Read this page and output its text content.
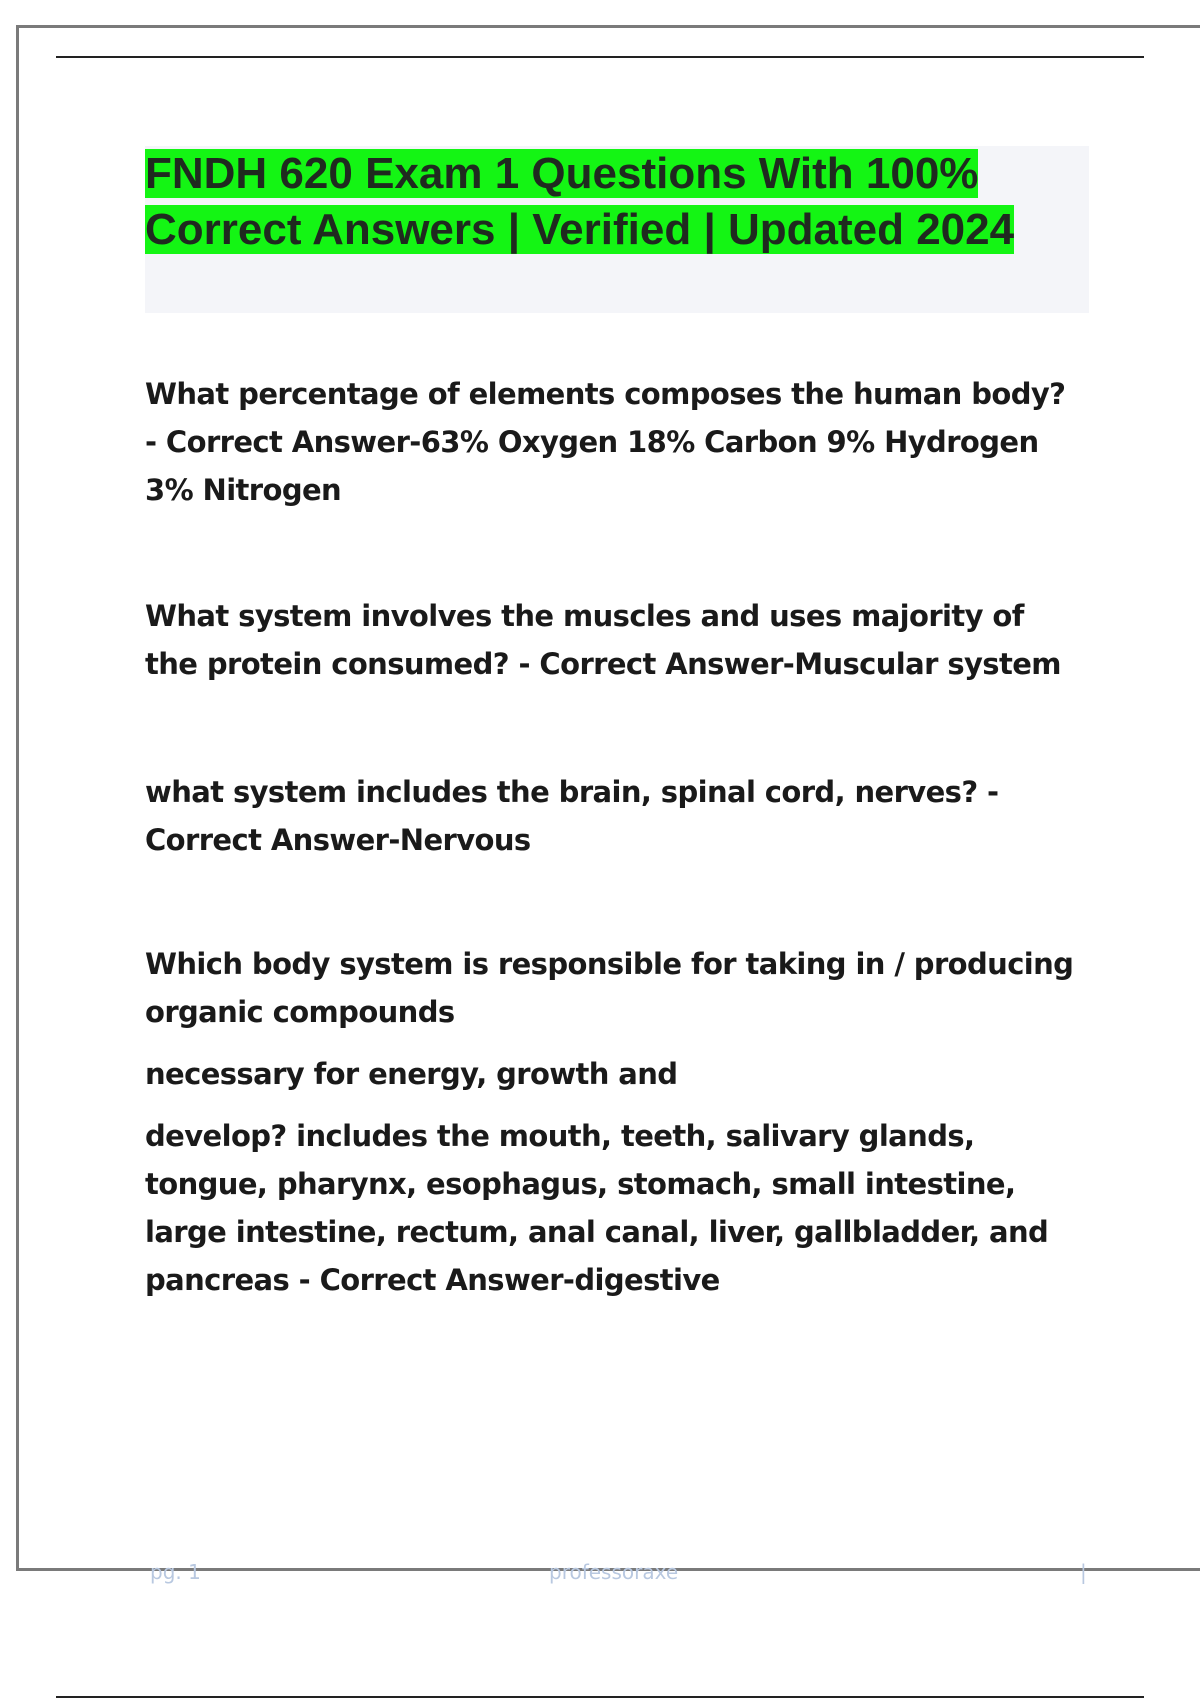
FNDH 620 Exam 1 Questions With 100% Correct Answers | Verified | Updated 2024

What percentage of elements composes the human body? - Correct Answer-63% Oxygen 18% Carbon 9% Hydrogen 3% Nitrogen

What system involves the muscles and uses majority of the protein consumed? - Correct Answer-Muscular system

what system includes the brain, spinal cord, nerves? - Correct Answer-Nervous

Which body system is responsible for taking in / producing organic compounds

necessary for energy, growth and

develop? includes the mouth, teeth, salivary glands, tongue, pharynx, esophagus, stomach, small intestine, large intestine, rectum, anal canal, liver, gallbladder, and pancreas - Correct Answer-digestive

pg. 1	professoraxe	|
